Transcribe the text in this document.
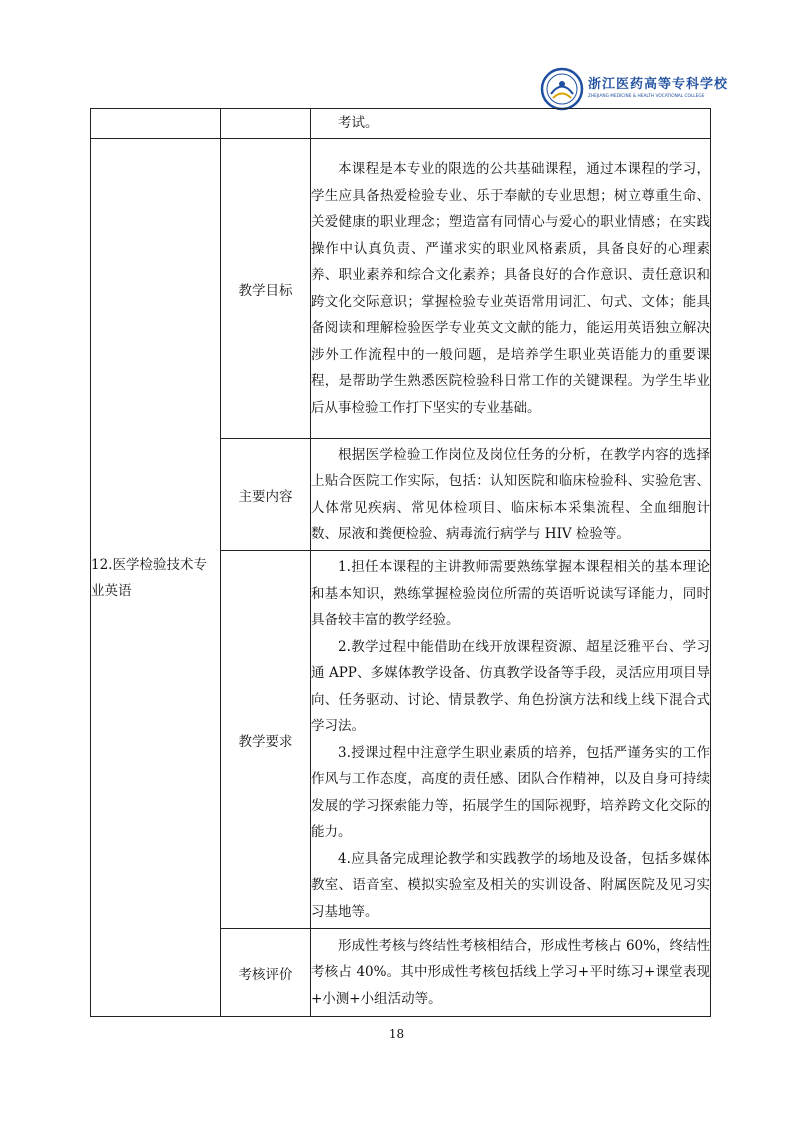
浙江医药高等专科学校
ZHEJIANG MEDICINE & HEALTH VOCATIONAL COLLEGE

		考试。

12.医学检验技术专业英语	教学目标	本课程是本专业的限选的公共基础课程，通过本课程的学习，学生应具备热爱检验专业、乐于奉献的专业思想；树立尊重生命、关爱健康的职业理念；塑造富有同情心与爱心的职业情感；在实践操作中认真负责、严谨求实的职业风格素质，具备良好的心理素养、职业素养和综合文化素养；具备良好的合作意识、责任意识和跨文化交际意识；掌握检验专业英语常用词汇、句式、文体；能具备阅读和理解检验医学专业英文文献的能力，能运用英语独立解决涉外工作流程中的一般问题，是培养学生职业英语能力的重要课程，是帮助学生熟悉医院检验科日常工作的关键课程。为学生毕业后从事检验工作打下坚实的专业基础。

	主要内容	根据医学检验工作岗位及岗位任务的分析，在教学内容的选择上贴合医院工作实际，包括：认知医院和临床检验科、实验危害、人体常见疾病、常见体检项目、临床标本采集流程、全血细胞计数、尿液和粪便检验、病毒流行病学与 HIV 检验等。

	教学要求	1.担任本课程的主讲教师需要熟练掌握本课程相关的基本理论和基本知识，熟练掌握检验岗位所需的英语听说读写译能力，同时具备较丰富的教学经验。

2.教学过程中能借助在线开放课程资源、超星泛雅平台、学习通 APP、多媒体教学设备、仿真教学设备等手段，灵活应用项目导向、任务驱动、讨论、情景教学、角色扮演方法和线上线下混合式学习法。

3.授课过程中注意学生职业素质的培养，包括严谨务实的工作作风与工作态度，高度的责任感、团队合作精神，以及自身可持续发展的学习探索能力等，拓展学生的国际视野，培养跨文化交际的能力。

4.应具备完成理论教学和实践教学的场地及设备，包括多媒体教室、语音室、模拟实验室及相关的实训设备、附属医院及见习实习基地等。

	考核评价	形成性考核与终结性考核相结合，形成性考核占 60%，终结性考核占 40%。其中形成性考核包括线上学习+平时练习+课堂表现+小测+小组活动等。

18
